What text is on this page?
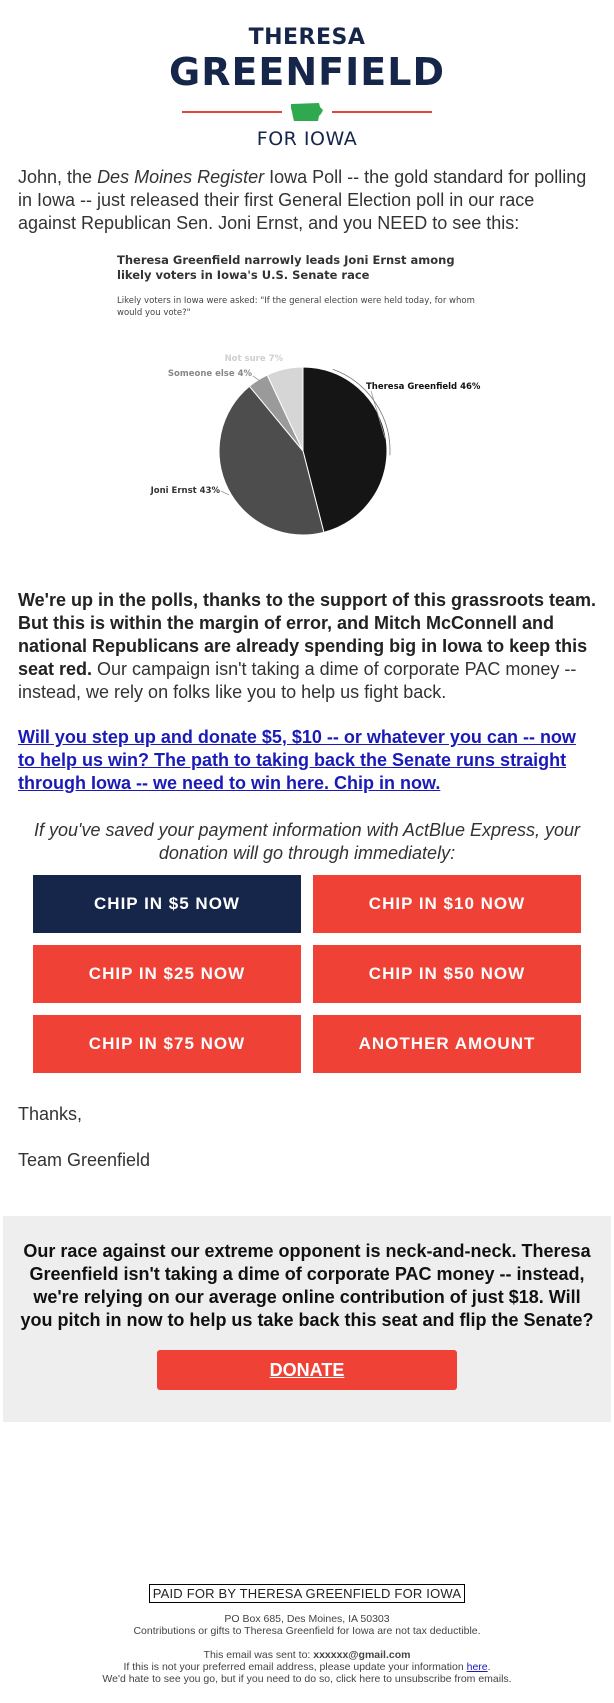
THERESA
GREENFIELD
FOR IOWA
John, the Des Moines Register Iowa Poll -- the gold standard for polling in Iowa -- just released their first General Election poll in our race against Republican Sen. Joni Ernst, and you NEED to see this:
Theresa Greenfield narrowly leads Joni Ernst among likely voters in Iowa's U.S. Senate race
Likely voters in Iowa were asked: "If the general election were held today, for whom would you vote?"
Theresa Greenfield 46%
Joni Ernst 43%
Someone else 4%
Not sure 7%
We're up in the polls, thanks to the support of this grassroots team. But this is within the margin of error, and Mitch McConnell and national Republicans are already spending big in Iowa to keep this seat red. Our campaign isn't taking a dime of corporate PAC money -- instead, we rely on folks like you to help us fight back.
Will you step up and donate $5, $10 -- or whatever you can -- now to help us win? The path to taking back the Senate runs straight through Iowa -- we need to win here. Chip in now.
If you've saved your payment information with ActBlue Express, your donation will go through immediately:
CHIP IN $5 NOW	CHIP IN $10 NOW
CHIP IN $25 NOW	CHIP IN $50 NOW
CHIP IN $75 NOW	ANOTHER AMOUNT
Thanks,
Team Greenfield
Our race against our extreme opponent is neck-and-neck. Theresa Greenfield isn't taking a dime of corporate PAC money -- instead, we're relying on our average online contribution of just $18. Will you pitch in now to help us take back this seat and flip the Senate?
DONATE
PAID FOR BY THERESA GREENFIELD FOR IOWA
PO Box 685, Des Moines, IA 50303
Contributions or gifts to Theresa Greenfield for Iowa are not tax deductible.
This email was sent to: xxxxxx@gmail.com
If this is not your preferred email address, please update your information here.
We'd hate to see you go, but if you need to do so, click here to unsubscribe from emails.
